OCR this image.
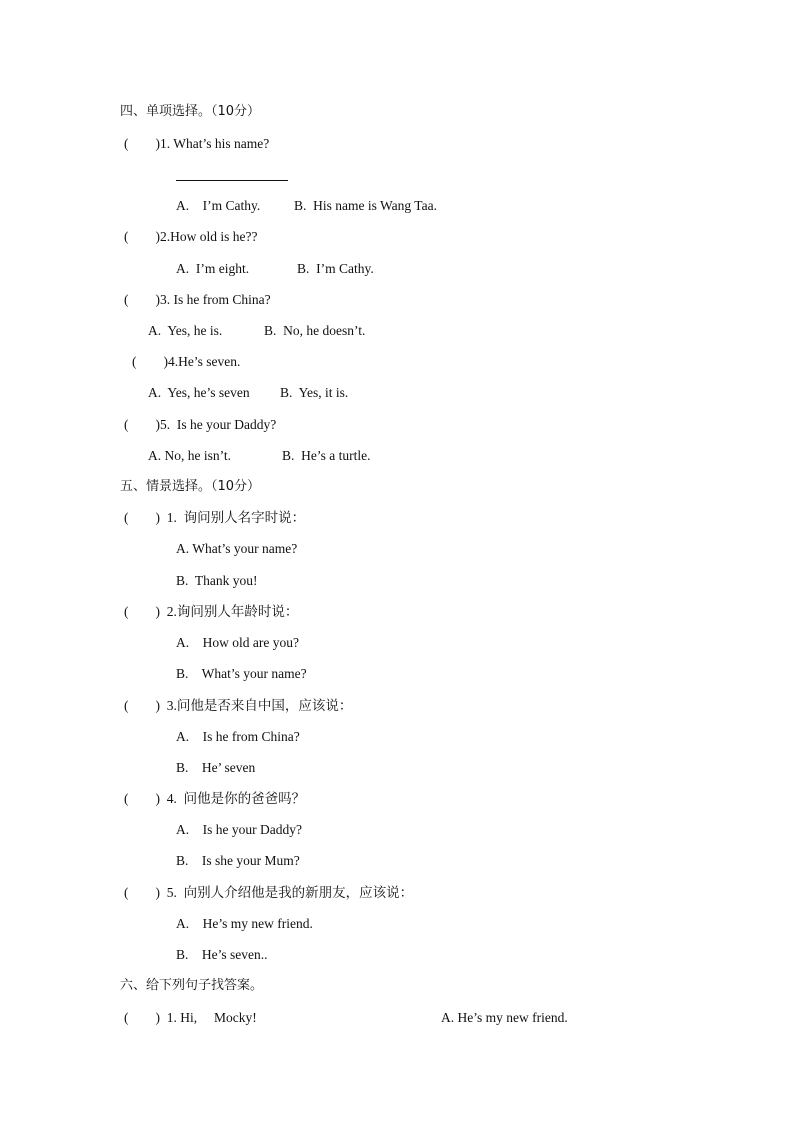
四、单项选择。（10分）
(        )1. What’s his name?
A.    I’m Cathy.	B.  His name is Wang Taa.
(        )2.How old is he??
A.  I’m eight.	B.  I’m Cathy.
(        )3. Is he from China?
A.  Yes, he is.	B.  No, he doesn’t.
(        )4.He’s seven.
A.  Yes, he’s seven B.  Yes, it is.
(        )5.  Is he your Daddy?
A. No, he isn’t.	B.  He’s a turtle.
五、情景选择。（10分）
(        )  1.  询问别人名字时说：
A. What’s your name?
B.  Thank you!
(        )  2.询问别人年龄时说：
A.    How old are you?
B.    What’s your name?
(        )  3.问他是否来自中国，应该说：
A.    Is he from China?
B.    He’ seven
(        )  4.  问他是你的爸爸吗？
A.    Is he your Daddy?
B.    Is she your Mum?
(        )  5.  向别人介绍他是我的新朋友，应该说：
A.    He’s my new friend.
B.    He’s seven..
六、给下列句子找答案。
(        )  1. Hi,     Mocky!	A. He’s my new friend.
